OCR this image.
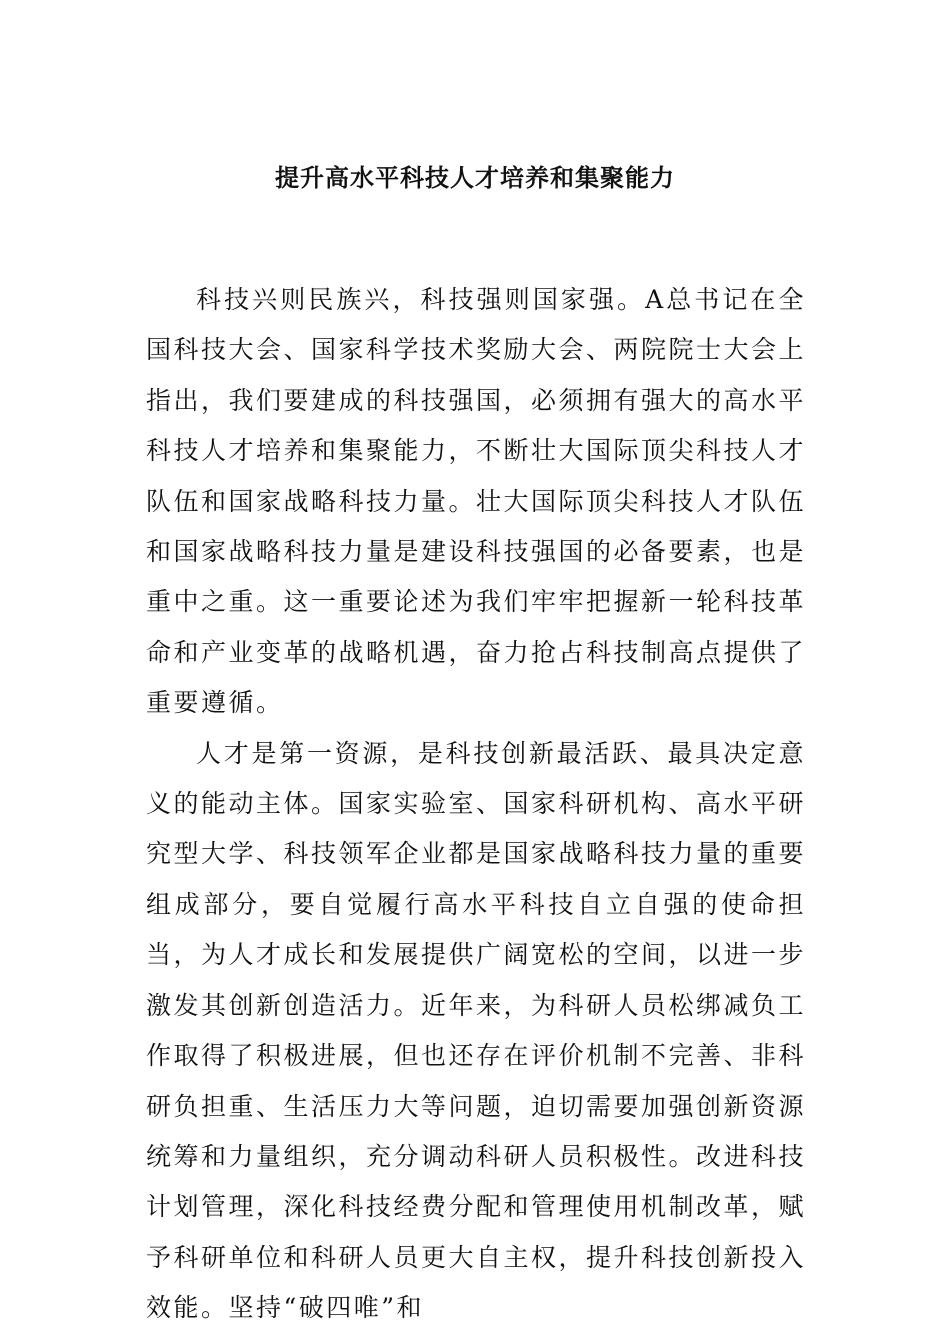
提升高水平科技人才培养和集聚能力

科技兴则民族兴，科技强则国家强。A总书记在全国科技大会、国家科学技术奖励大会、两院院士大会上指出，我们要建成的科技强国，必须拥有强大的高水平科技人才培养和集聚能力，不断壮大国际顶尖科技人才队伍和国家战略科技力量。壮大国际顶尖科技人才队伍和国家战略科技力量是建设科技强国的必备要素，也是重中之重。这一重要论述为我们牢牢把握新一轮科技革命和产业变革的战略机遇，奋力抢占科技制高点提供了重要遵循。

人才是第一资源，是科技创新最活跃、最具决定意义的能动主体。国家实验室、国家科研机构、高水平研究型大学、科技领军企业都是国家战略科技力量的重要组成部分，要自觉履行高水平科技自立自强的使命担当，为人才成长和发展提供广阔宽松的空间，以进一步激发其创新创造活力。近年来，为科研人员松绑减负工作取得了积极进展，但也还存在评价机制不完善、非科研负担重、生活压力大等问题，迫切需要加强创新资源统筹和力量组织，充分调动科研人员积极性。改进科技计划管理，深化科技经费分配和管理使用机制改革，赋予科研单位和科研人员更大自主权，提升科技创新投入效能。坚持“破四唯”和
